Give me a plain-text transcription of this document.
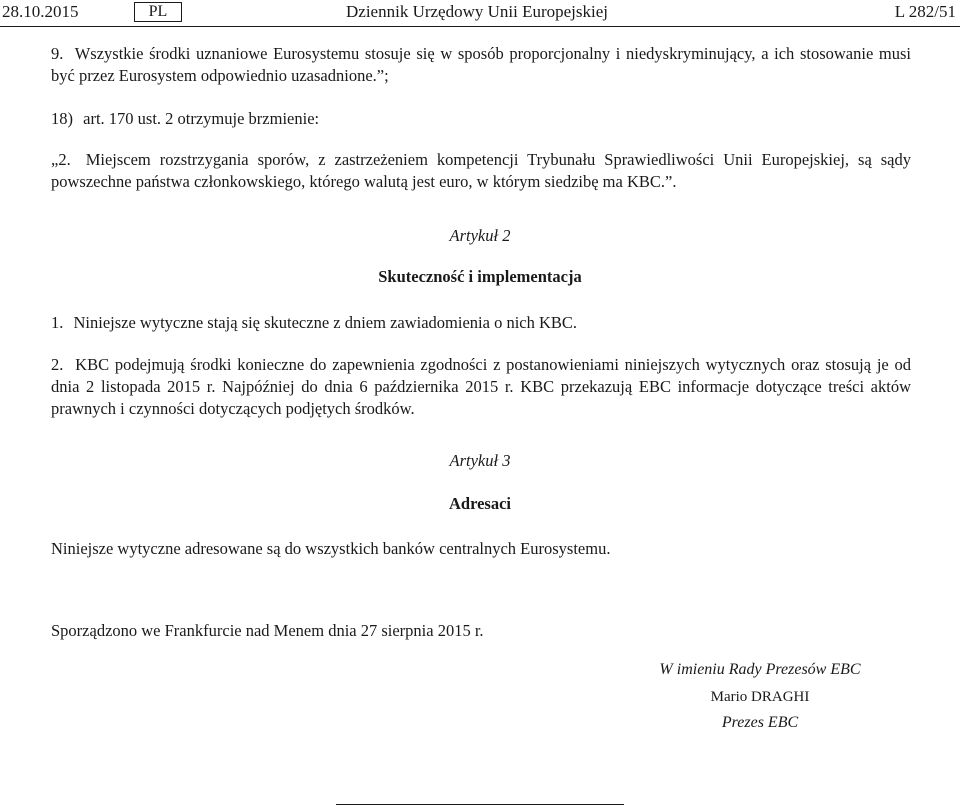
28.10.2015	PL	Dziennik Urzędowy Unii Europejskiej	L 282/51
9. Wszystkie środki uznaniowe Eurosystemu stosuje się w sposób proporcjonalny i niedyskryminujący, a ich stosowanie musi być przez Eurosystem odpowiednio uzasadnione.”;
18) art. 170 ust. 2 otrzymuje brzmienie:
„2. Miejscem rozstrzygania sporów, z zastrzeżeniem kompetencji Trybunału Sprawiedliwości Unii Europejskiej, są sądy powszechne państwa członkowskiego, którego walutą jest euro, w którym siedzibę ma KBC.”.
Artykuł 2
Skuteczność i implementacja
1. Niniejsze wytyczne stają się skuteczne z dniem zawiadomienia o nich KBC.
2. KBC podejmują środki konieczne do zapewnienia zgodności z postanowieniami niniejszych wytycznych oraz stosują je od dnia 2 listopada 2015 r. Najpóźniej do dnia 6 października 2015 r. KBC przekazują EBC informacje dotyczące treści aktów prawnych i czynności dotyczących podjętych środków.
Artykuł 3
Adresaci
Niniejsze wytyczne adresowane są do wszystkich banków centralnych Eurosystemu.
Sporządzono we Frankfurcie nad Menem dnia 27 sierpnia 2015 r.
W imieniu Rady Prezesów EBC
Mario DRAGHI
Prezes EBC
